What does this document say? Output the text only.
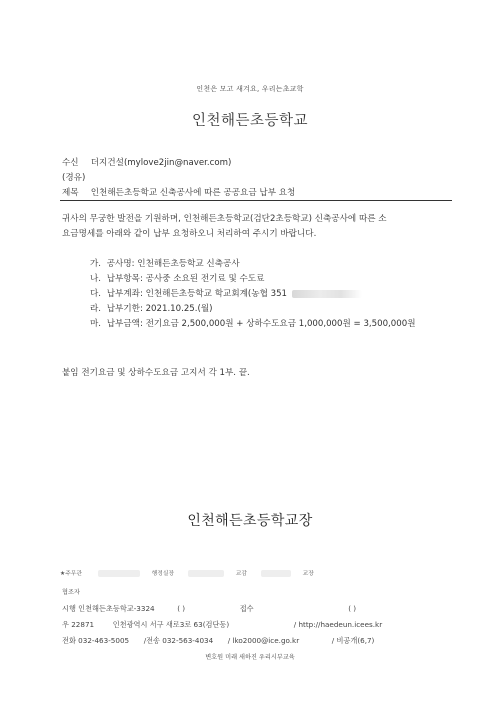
인천은 모고 새겨요, 우리는초교학
인천해든초등학교
수신 더지건설(mylove2jin@naver.com)
(경유)
제목 인천해든초등학교 신축공사에 따른 공공요금 납부 요청
귀사의 무궁한 발전을 기원하며, 인천해든초등학교(검단2초등학교) 신축공사에 따른 소
요금명세를 아래와 같이 납부 요청하오니 처리하여 주시기 바랍니다.
가. 공사명: 인천해든초등학교 신축공사
나. 납부항목: 공사중 소요된 전기료 및 수도료
다. 납부계좌: 인천해든초등학교 학교회계(농협 351
라. 납부기한: 2021.10.25.(월)
마. 납부금액: 전기요금 2,500,000원 + 상하수도요금 1,000,000원 = 3,500,000원
붙임 전기요금 및 상하수도요금 고지서 각 1부. 끝.
인천해든초등학교장
★주무관	행정실장	교감	교장
협조자
시행 인천해든초등학교-3324	( )	접수	( )
우 22871	인천광역시 서구 새로3로 63(검단동)	/ http://haedeun.icees.kr
전화 032-463-5005 /전송 032-563-4034 / lko2000@ice.go.kr	/ 비공개(6,7)
변호원 미래 새하진 우리시부교육
